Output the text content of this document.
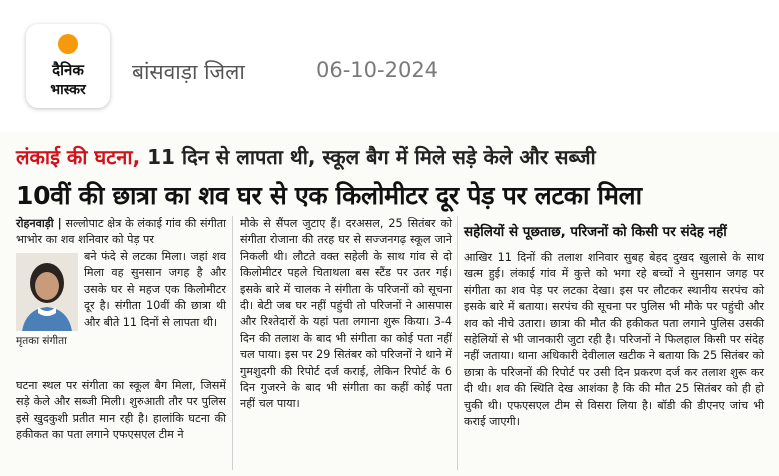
दैनिक
भास्कर
बांसवाड़ा जिला	06-10-2024
लंकाई की घटना, 11 दिन से लापता थी, स्कूल बैग में मिले सड़े केले और सब्जी
10वीं की छात्रा का शव घर से एक किलोमीटर दूर पेड़ पर लटका मिला

रोहनवाड़ी | सल्लोपाट क्षेत्र के लंकाई गांव की संगीता भाभोर का शव शनिवार को पेड़ पर

बने फंदे से लटका मिला। जहां शव मिला वह सुनसान जगह है और उसके घर से महज एक किलोमीटर दूर है। संगीता 10वीं की छात्रा थी और बीते 11 दिनों से लापता थी।
मृतका संगीता
घटना स्थल पर संगीता का स्कूल बैग मिला, जिसमें सड़े केले और सब्जी मिली। शुरुआती तौर पर पुलिस इसे खुदकुशी प्रतीत मान रही है। हालांकि घटना की हकीकत का पता लगाने एफएसएल टीम ने
मौके से सैंपल जुटाए हैं। दरअसल, 25 सितंबर को संगीता रोजाना की तरह घर से सज्जनगढ़ स्कूल जाने निकली थी। लौटते वक्त सहेली के साथ गांव से दो किलोमीटर पहले चिताथला बस स्टैंड पर उतर गई। इसके बारे में चालक ने संगीता के परिजनों को सूचना दी। बेटी जब घर नहीं पहुंची तो परिजनों ने आसपास और रिश्तेदारों के यहां पता लगाना शुरू किया। 3-4 दिन की तलाश के बाद भी संगीता का कोई पता नहीं चल पाया। इस पर 29 सितंबर को परिजनों ने थाने में गुमशुदगी की रिपोर्ट दर्ज कराई, लेकिन रिपोर्ट के 6 दिन गुजरने के बाद भी संगीता का कहीं कोई पता नहीं चल पाया।
सहेलियों से पूछताछ, परिजनों को किसी पर संदेह नहीं
आखिर 11 दिनों की तलाश शनिवार सुबह बेहद दुखद खुलासे के साथ खत्म हुई। लंकाई गांव में कुत्ते को भगा रहे बच्चों ने सुनसान जगह पर संगीता का शव पेड़ पर लटका देखा। इस पर लौटकर स्थानीय सरपंच को इसके बारे में बताया। सरपंच की सूचना पर पुलिस भी मौके पर पहुंची और शव को नीचे उतारा। छात्रा की मौत की हकीकत पता लगाने पुलिस उसकी सहेलियों से भी जानकारी जुटा रही है। परिजनों ने फिलहाल किसी पर संदेह नहीं जताया। थाना अधिकारी देवीलाल खटीक ने बताया कि 25 सितंबर को छात्रा के परिजनों की रिपोर्ट पर उसी दिन प्रकरण दर्ज कर तलाश शुरू कर दी थी। शव की स्थिति देख आशंका है कि की मौत 25 सितंबर को ही हो चुकी थी। एफएसएल टीम से विसरा लिया है। बॉडी की डीएनए जांच भी कराई जाएगी।
